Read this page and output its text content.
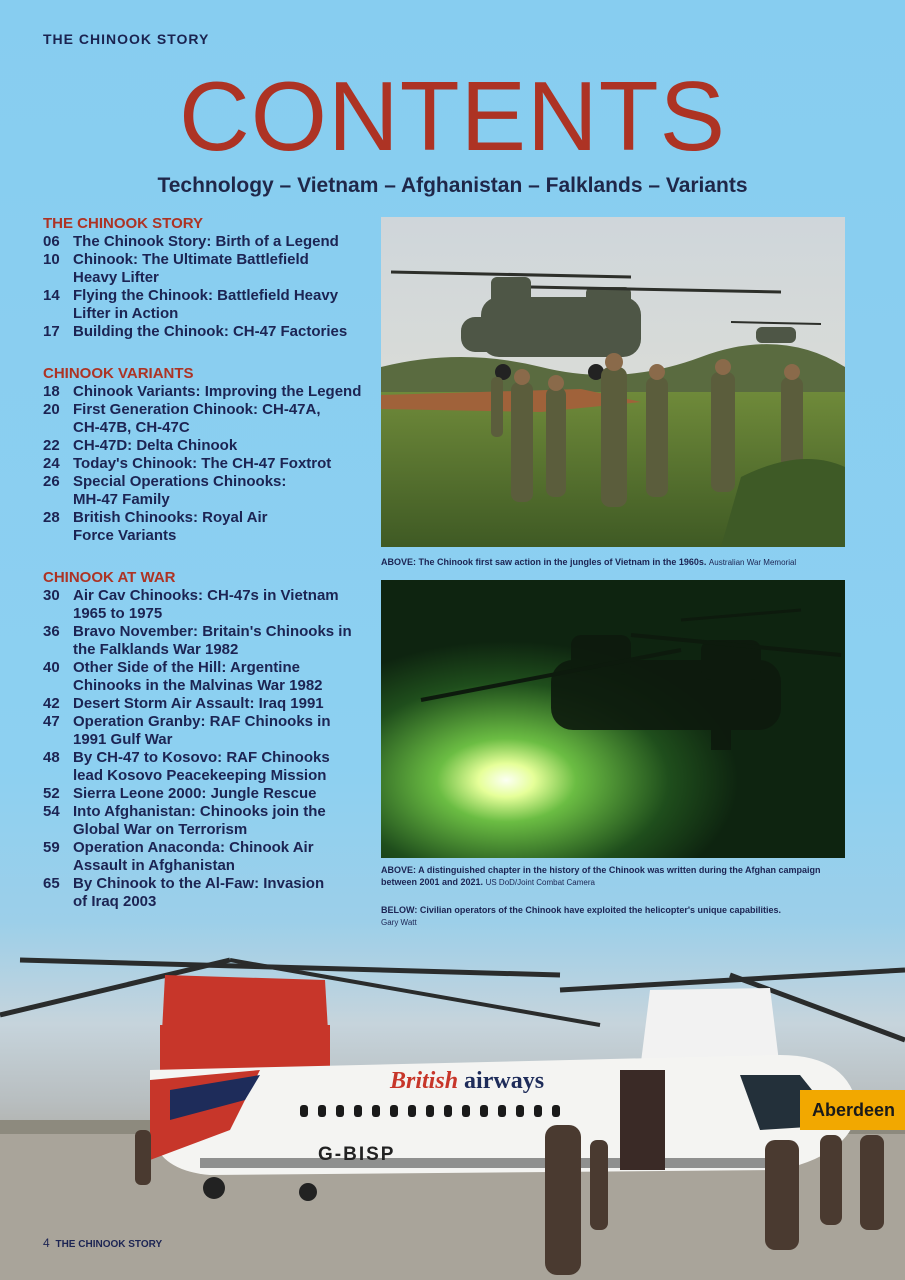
THE CHINOOK STORY
CONTENTS
Technology – Vietnam – Afghanistan – Falklands – Variants
THE CHINOOK STORY
06 The Chinook Story: Birth of a Legend
10 Chinook: The Ultimate Battlefield
Heavy Lifter
14 Flying the Chinook: Battlefield Heavy
Lifter in Action
17 Building the Chinook: CH-47 Factories
CHINOOK VARIANTS
18 Chinook Variants: Improving the Legend
20 First Generation Chinook: CH-47A,
CH-47B, CH-47C
22 CH-47D: Delta Chinook
24 Today's Chinook: The CH-47 Foxtrot
26 Special Operations Chinooks:
MH-47 Family
28 British Chinooks: Royal Air
Force Variants
CHINOOK AT WAR
30 Air Cav Chinooks: CH-47s in Vietnam
1965 to 1975
36 Bravo November: Britain's Chinooks in
the Falklands War 1982
40 Other Side of the Hill: Argentine
Chinooks in the Malvinas War 1982
42 Desert Storm Air Assault: Iraq 1991
47 Operation Granby: RAF Chinooks in
1991 Gulf War
48 By CH-47 to Kosovo: RAF Chinooks
lead Kosovo Peacekeeping Mission
52 Sierra Leone 2000: Jungle Rescue
54 Into Afghanistan: Chinooks join the
Global War on Terrorism
59 Operation Anaconda: Chinook Air
Assault in Afghanistan
65 By Chinook to the Al-Faw: Invasion
of Iraq 2003
ABOVE: The Chinook first saw action in the jungles of Vietnam in the 1960s. Australian War Memorial
ABOVE: A distinguished chapter in the history of the Chinook was written during the Afghan campaign between 2001 and 2021. US DoD/Joint Combat Camera
BELOW: Civilian operators of the Chinook have exploited the helicopter's unique capabilities.
Gary Watt
British airways
G-BISP
Aberdeen
4 THE CHINOOK STORY
